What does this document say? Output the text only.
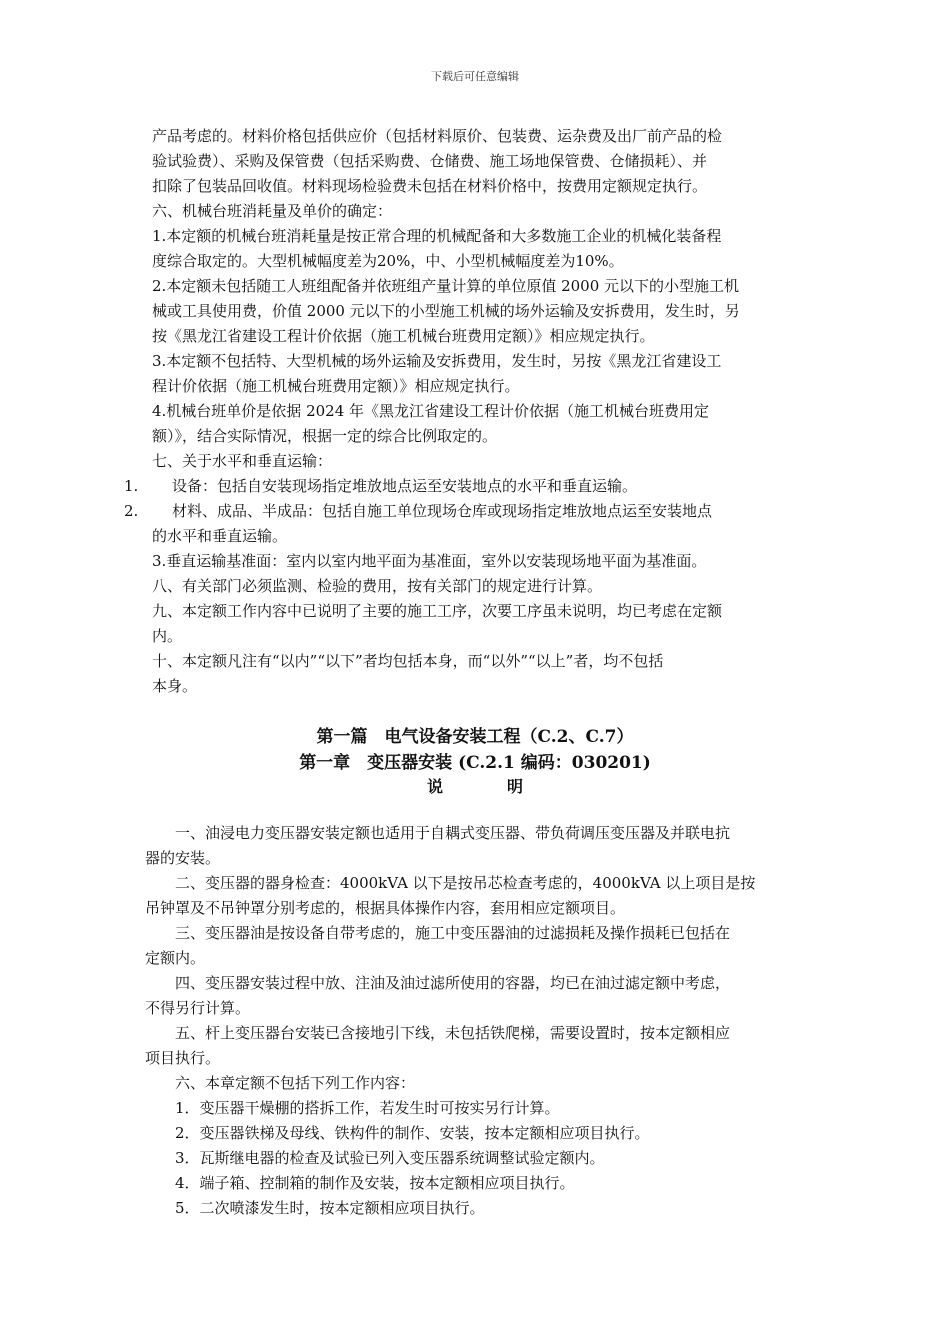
下载后可任意编辑
产品考虑的。材料价格包括供应价（包括材料原价、包装费、运杂费及出厂前产品的检
验试验费）、采购及保管费（包括采购费、仓储费、施工场地保管费、仓储损耗）、并
扣除了包装品回收值。材料现场检验费未包括在材料价格中，按费用定额规定执行。
六、机械台班消耗量及单价的确定：
1.本定额的机械台班消耗量是按正常合理的机械配备和大多数施工企业的机械化装备程
度综合取定的。大型机械幅度差为20%，中、小型机械幅度差为10%。
2.本定额未包括随工人班组配备并依班组产量计算的单位原值 2000 元以下的小型施工机
械或工具使用费，价值 2000 元以下的小型施工机械的场外运输及安拆费用，发生时，另
按《黑龙江省建设工程计价依据（施工机械台班费用定额）》相应规定执行。
3.本定额不包括特、大型机械的场外运输及安拆费用，发生时，另按《黑龙江省建设工
程计价依据（施工机械台班费用定额）》相应规定执行。
4.机械台班单价是依据 2024 年《黑龙江省建设工程计价依据（施工机械台班费用定
额）》，结合实际情况，根据一定的综合比例取定的。
七、关于水平和垂直运输：
1. 设备：包括自安装现场指定堆放地点运至安装地点的水平和垂直运输。
2. 材料、成品、半成品：包括自施工单位现场仓库或现场指定堆放地点运至安装地点
的水平和垂直运输。
3.垂直运输基准面：室内以室内地平面为基准面，室外以安装现场地平面为基准面。
八、有关部门必须监测、检验的费用，按有关部门的规定进行计算。
九、本定额工作内容中已说明了主要的施工工序，次要工序虽未说明，均已考虑在定额
内。
十、本定额凡注有“以内”“以下”者均包括本身，而“以外”“以上”者，均不包括
本身。
第一篇　电气设备安装工程（C.2、C.7）
第一章　变压器安装 (C.2.1 编码：030201)
说　　　　明
　　一、油浸电力变压器安装定额也适用于自耦式变压器、带负荷调压变压器及并联电抗
器的安装。
　　二、变压器的器身检查：4000kVA 以下是按吊芯检查考虑的，4000kVA 以上项目是按
吊钟罩及不吊钟罩分别考虑的，根据具体操作内容，套用相应定额项目。
　　三、变压器油是按设备自带考虑的，施工中变压器油的过滤损耗及操作损耗已包括在
定额内。
　　四、变压器安装过程中放、注油及油过滤所使用的容器，均已在油过滤定额中考虑，
不得另行计算。
　　五、杆上变压器台安装已含接地引下线，未包括铁爬梯，需要设置时，按本定额相应
项目执行。
　　六、本章定额不包括下列工作内容：
　　1．变压器干燥棚的搭拆工作，若发生时可按实另行计算。
　　2．变压器铁梯及母线、铁构件的制作、安装，按本定额相应项目执行。
　　3．瓦斯继电器的检查及试验已列入变压器系统调整试验定额内。
　　4．端子箱、控制箱的制作及安装，按本定额相应项目执行。
　　5．二次喷漆发生时，按本定额相应项目执行。
